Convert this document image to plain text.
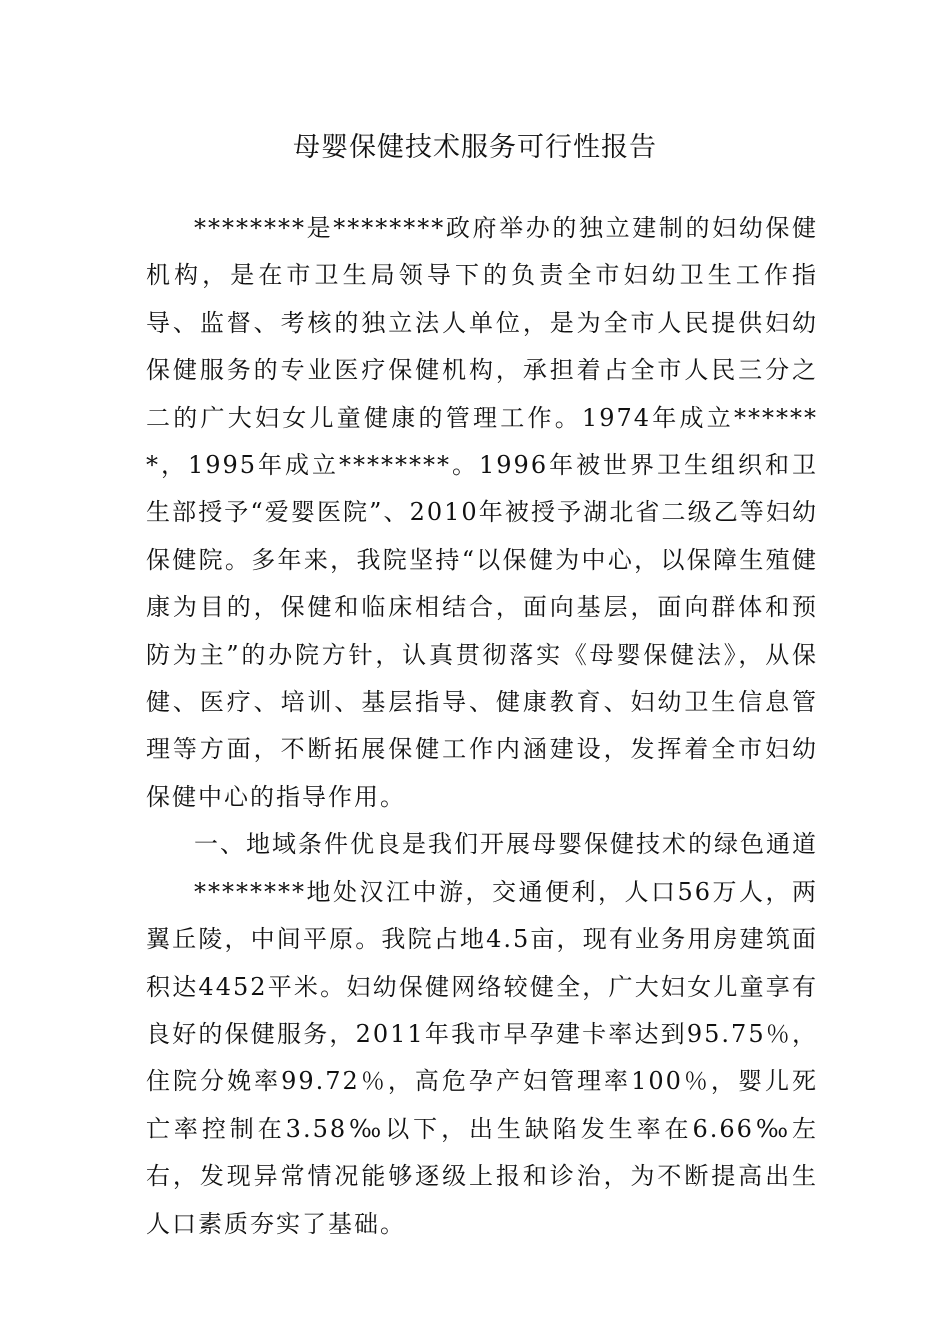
母婴保健技术服务可行性报告

********是********政府举办的独立建制的妇幼保健机构，是在市卫生局领导下的负责全市妇幼卫生工作指导、监督、考核的独立法人单位，是为全市人民提供妇幼保健服务的专业医疗保健机构，承担着占全市人民三分之二的广大妇女儿童健康的管理工作。1974年成立*******，1995年成立********。1996年被世界卫生组织和卫生部授予“爱婴医院”、2010年被授予湖北省二级乙等妇幼保健院。多年来，我院坚持“以保健为中心，以保障生殖健康为目的，保健和临床相结合，面向基层，面向群体和预防为主”的办院方针，认真贯彻落实《母婴保健法》，从保健、医疗、培训、基层指导、健康教育、妇幼卫生信息管理等方面，不断拓展保健工作内涵建设，发挥着全市妇幼保健中心的指导作用。

一、地域条件优良是我们开展母婴保健技术的绿色通道

********地处汉江中游，交通便利，人口56万人，两翼丘陵，中间平原。我院占地4.5亩，现有业务用房建筑面积达4452平米。妇幼保健网络较健全，广大妇女儿童享有良好的保健服务，2011年我市早孕建卡率达到95.75％，住院分娩率99.72％，高危孕产妇管理率100％，婴儿死亡率控制在3.58‰以下，出生缺陷发生率在6.66‰左右，发现异常情况能够逐级上报和诊治，为不断提高出生人口素质夯实了基础。
